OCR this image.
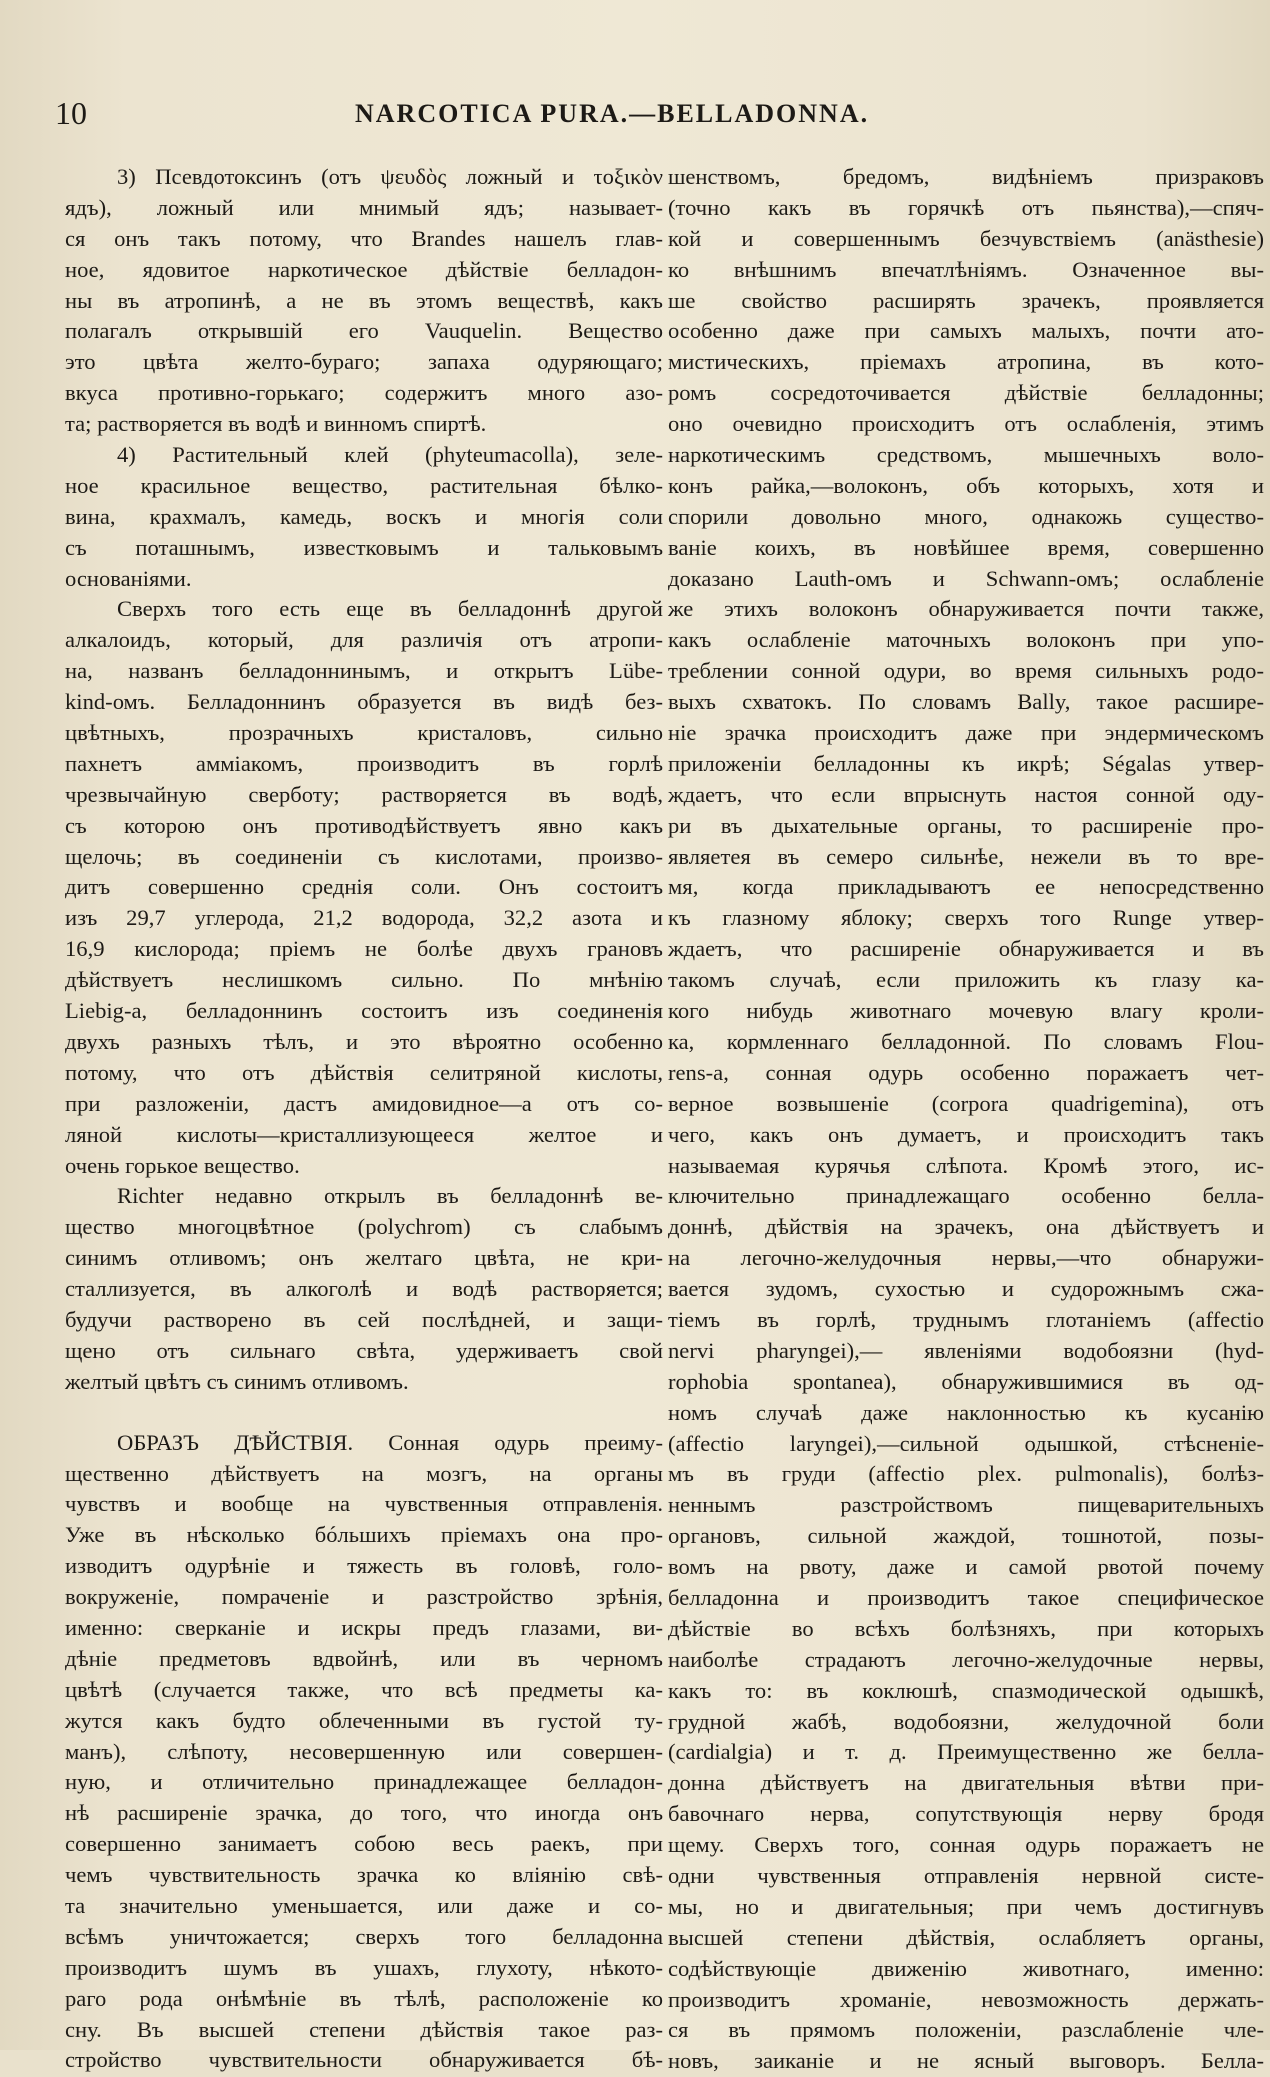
10	NARCOTICA PURA.—BELLADONNA.
3) Псевдотоксинъ (отъ ψευδὸς ложный и τοξικὸν
ядъ), ложный или мнимый ядъ; называет-
ся онъ такъ потому, что Brandes нашелъ глав-
ное, ядовитое наркотическое дѣйствіе белладон-
ны въ атропинѣ, а не въ этомъ веществѣ, какъ
полагалъ открывшій его Vauquelin. Вещество
это цвѣта желто-бураго; запаха одуряющаго;
вкуса противно-горькаго; содержитъ много азо-
та; растворяется въ водѣ и винномъ спиртѣ.
4) Растительный клей (phyteumacolla), зеле-
ное красильное вещество, растительная бѣлко-
вина, крахмалъ, камедь, воскъ и многія соли
съ поташнымъ, известковымъ и тальковымъ
основаніями.
Сверхъ того есть еще въ белладоннѣ другой
алкалоидъ, который, для различія отъ атропи-
на, названъ белладоннинымъ, и открытъ Lübe-
kind-омъ. Белладоннинъ образуется въ видѣ без-
цвѣтныхъ, прозрачныхъ кристаловъ, сильно
пахнетъ амміакомъ, производитъ въ горлѣ
чрезвычайную сверботу; растворяется въ водѣ,
съ которою онъ противодѣйствуетъ явно какъ
щелочь; въ соединеніи съ кислотами, произво-
дитъ совершенно среднія соли. Онъ состоитъ
изъ 29,7 углерода, 21,2 водорода, 32,2 азота и
16,9 кислорода; пріемъ не болѣе двухъ грановъ
дѣйствуетъ неслишкомъ сильно. По мнѣнію
Liebig-а, белладоннинъ состоитъ изъ соединенія
двухъ разныхъ тѣлъ, и это вѣроятно особенно
потому, что отъ дѣйствія селитряной кислоты,
при разложеніи, дастъ амидовидное—а отъ со-
ляной кислоты—кристаллизующееся желтое и
очень горькое вещество.
Richter недавно открылъ въ белладоннѣ ве-
щество многоцвѣтное (polychrom) съ слабымъ
синимъ отливомъ; онъ желтаго цвѣта, не кри-
сталлизуется, въ алкоголѣ и водѣ растворяется;
будучи растворено въ сей послѣдней, и защи-
щено отъ сильнаго свѣта, удерживаетъ свой
желтый цвѣтъ съ синимъ отливомъ.
ОБРАЗЪ ДѢЙСТВІЯ. Сонная одурь преиму-
щественно дѣйствуетъ на мозгъ, на органы
чувствъ и вообще на чувственныя отправленія.
Уже въ нѣсколько бóльшихъ пріемахъ она про-
изводитъ одурѣніе и тяжесть въ головѣ, голо-
вокруженіе, помраченіе и разстройство зрѣнія,
именно: сверканіе и искры предъ глазами, ви-
дѣніе предметовъ вдвойнѣ, или въ черномъ
цвѣтѣ (случается также, что всѣ предметы ка-
жутся какъ будто облеченными въ густой ту-
манъ), слѣпоту, несовершенную или совершен-
ную, и отличительно принадлежащее белладон-
нѣ расширеніе зрачка, до того, что иногда онъ
совершенно занимаетъ собою весь раекъ, при
чемъ чувствительность зрачка ко вліянію свѣ-
та значительно уменьшается, или даже и со-
всѣмъ уничтожается; сверхъ того белладонна
производитъ шумъ въ ушахъ, глухоту, нѣкото-
раго рода онѣмѣніе въ тѣлѣ, расположеніе ко
сну. Въ высшей степени дѣйствія такое раз-
стройство чувствительности обнаруживается бѣ-
шенствомъ, бредомъ, видѣніемъ призраковъ
(точно какъ въ горячкѣ отъ пьянства),—спяч-
кой и совершеннымъ безчувствіемъ (anästhesie)
ко внѣшнимъ впечатлѣніямъ. Означенное вы-
ше свойство расширять зрачекъ, проявляется
особенно даже при самыхъ малыхъ, почти ато-
мистическихъ, пріемахъ атропина, въ кото-
ромъ сосредоточивается дѣйствіе белладонны;
оно очевидно происходитъ отъ ослабленія, этимъ
наркотическимъ средствомъ, мышечныхъ воло-
конъ райка,—волоконъ, объ которыхъ, хотя и
спорили довольно много, однакожь существо-
ваніе коихъ, въ новѣйшее время, совершенно
доказано Lauth-омъ и Schwann-омъ; ослабленіе
же этихъ волоконъ обнаруживается почти также,
какъ ослабленіе маточныхъ волоконъ при упо-
треблении сонной одури, во время сильныхъ родо-
выхъ схватокъ. По словамъ Bally, такое расшире-
ніе зрачка происходитъ даже при эндермическомъ
приложеніи белладонны къ икрѣ; Ségalas утвер-
ждаетъ, что если впрыснуть настоя сонной оду-
ри въ дыхательные органы, то расширеніе про-
являетея въ семеро сильнѣе, нежели въ то вре-
мя, когда прикладываютъ ее непосредственно
къ глазному яблоку; сверхъ того Runge утвер-
ждаетъ, что расширеніе обнаруживается и въ
такомъ случаѣ, если приложить къ глазу ка-
кого нибудь животнаго мочевую влагу кроли-
ка, кормленнаго белладонной. По словамъ Flou-
rens-a, сонная одурь особенно поражаетъ чет-
верное возвышеніе (corpora quadrigemina), отъ
чего, какъ онъ думаетъ, и происходитъ такъ
называемая курячья слѣпота. Кромѣ этого, ис-
ключительно принадлежащаго особенно белла-
доннѣ, дѣйствія на зрачекъ, она дѣйствуетъ и
на легочно-желудочныя нервы,—что обнаружи-
вается зудомъ, сухостью и судорожнымъ сжа-
тіемъ въ горлѣ, труднымъ глотаніемъ (affectio
nervi pharyngei),— явленіями водобоязни (hyd-
rophobia spontanea), обнаружившимися въ од-
номъ случаѣ даже наклонностью къ кусанію
(affectio laryngei),—сильной одышкой, стѣсненіе-
мъ въ груди (affectio plex. pulmonalis), болѣз-
неннымъ разстройствомъ пищеварительныхъ
органовъ, сильной жаждой, тошнотой, позы-
вомъ на рвоту, даже и самой рвотой почему
белладонна и производитъ такое специфическое
дѣйствіе во всѣхъ болѣзняхъ, при которыхъ
наиболѣе страдаютъ легочно-желудочные нервы,
какъ то: въ коклюшѣ, спазмодической одышкѣ,
грудной жабѣ, водобоязни, желудочной боли
(cardialgia) и т. д. Преимущественно же белла-
донна дѣйствуетъ на двигательныя вѣтви при-
бавочнаго нерва, сопутствующія нерву бродя
щему. Сверхъ того, сонная одурь поражаетъ не
одни чувственныя отправленія нервной систе-
мы, но и двигательныя; при чемъ достигнувъ
высшей степени дѣйствія, ослабляетъ органы,
содѣйствующіе движенію животнаго, именно:
производитъ хроманіе, невозможность держать-
ся въ прямомъ положеніи, разслабленіе чле-
новъ, заиканіе и не ясный выговоръ. Белла-
